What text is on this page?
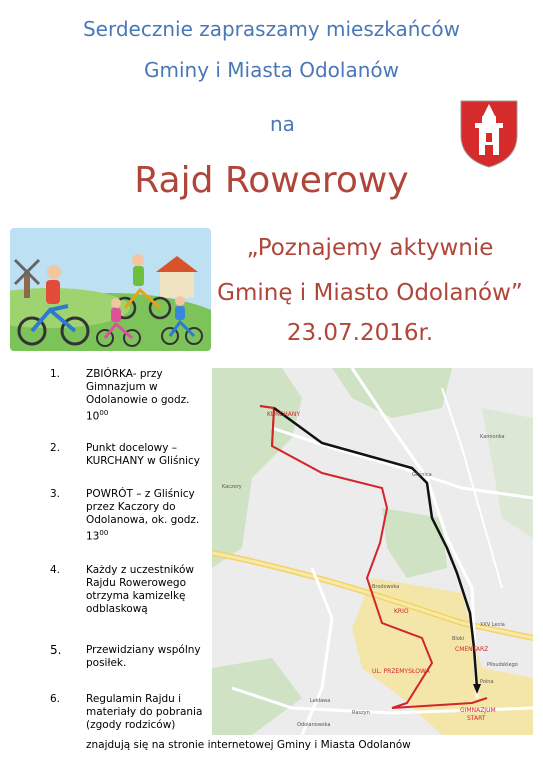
Serdecznie zapraszamy mieszkańców
Gminy i Miasta Odolanów
na
Rajd Rowerowy
„Poznajemy aktywnie
Gminę i Miasto Odolanów”
23.07.2016r.
1. ZBIÓRKA- przy Gimnazjum w Odolanowie o godz. $10^{00}$
2. Punkt docelowy – KURCHANY w Gliśnicy
3. POWRÓT – z Gliśnicy przez Kaczory do Odolanowa, ok. godz. $13^{00}$
4. Każdy z uczestników Rajdu Rowerowego otrzyma kamizelkę odblaskową
5. Przewidziany wspólny posiłek.
6. Regulamin Rajdu i materiały do pobrania (zgody rodziców)
KURCHANY
Gliśnica
KRIO
UL. PRZEMYSŁOWA
CMENTARZ
GIMNAZJUM
START
XXV Lecia
Bloki
Polna
Piłsudskiego
Lekława
Raszyn
Odolanowska
Brodowska
Kaczory
Kamionka
znajdują się na stronie internetowej Gminy i Miasta Odolanów
